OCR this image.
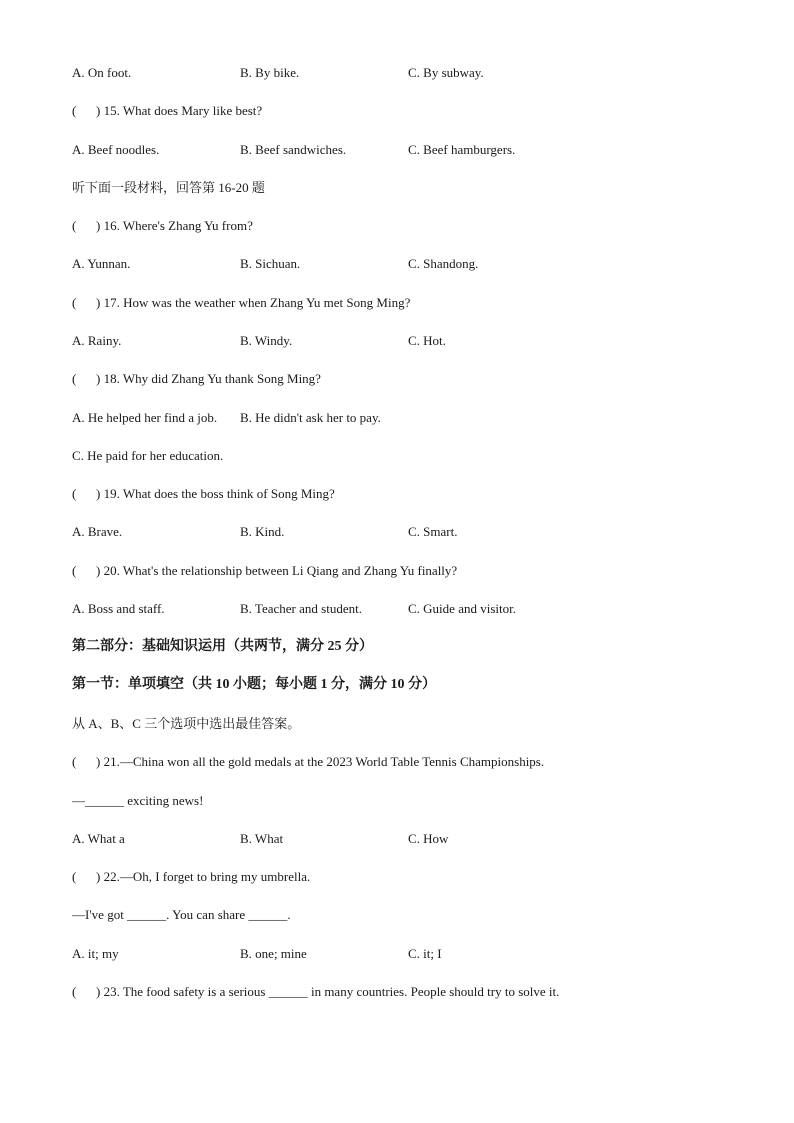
A. On foot.	B. By bike.	C. By subway.
( ) 15. What does Mary like best?
A. Beef noodles.	B. Beef sandwiches.	C. Beef hamburgers.
听下面一段材料，回答第 16-20 题
( ) 16. Where's Zhang Yu from?
A. Yunnan.	B. Sichuan.	C. Shandong.
( ) 17. How was the weather when Zhang Yu met Song Ming?
A. Rainy.	B. Windy.	C. Hot.
( ) 18. Why did Zhang Yu thank Song Ming?
A. He helped her find a job. B. He didn't ask her to pay.
C. He paid for her education.
( ) 19. What does the boss think of Song Ming?
A. Brave.	B. Kind.	C. Smart.
( ) 20. What's the relationship between Li Qiang and Zhang Yu finally?
A. Boss and staff.	B. Teacher and student.	C. Guide and visitor.
第二部分：基础知识运用（共两节，满分 25 分）
第一节：单项填空（共 10 小题；每小题 1 分，满分 10 分）
从 A、B、C 三个选项中选出最佳答案。
( ) 21.—China won all the gold medals at the 2023 World Table Tennis Championships.
—______ exciting news!
A. What a	B. What	C. How
( ) 22.—Oh, I forget to bring my umbrella.
—I've got ______. You can share ______.
A. it; my	B. one; mine	C. it; I
( ) 23. The food safety is a serious ______ in many countries. People should try to solve it.
